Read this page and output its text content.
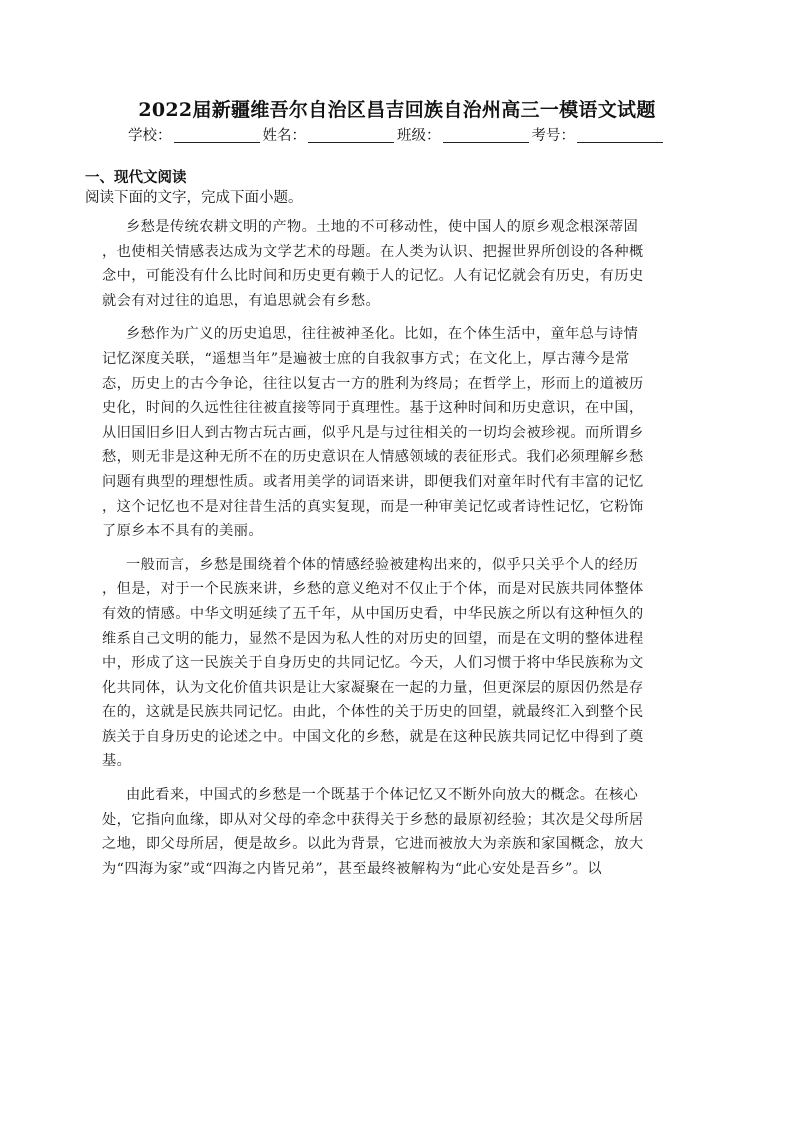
2022届新疆维吾尔自治区昌吉回族自治州高三一模语文试题
学校：	姓名：	班级：	考号：
一、现代文阅读
阅读下面的文字，完成下面小题。
乡愁是传统农耕文明的产物。土地的不可移动性，使中国人的原乡观念根深蒂固
，也使相关情感表达成为文学艺术的母题。在人类为认识、把握世界所创设的各种概
念中，可能没有什么比时间和历史更有赖于人的记忆。人有记忆就会有历史，有历史
就会有对过往的追思，有追思就会有乡愁。
乡愁作为广义的历史追思，往往被神圣化。比如，在个体生活中，童年总与诗情
记忆深度关联，“遥想当年”是遍被士庶的自我叙事方式；在文化上，厚古薄今是常
态，历史上的古今争论，往往以复古一方的胜利为终局；在哲学上，形而上的道被历
史化，时间的久远性往往被直接等同于真理性。基于这种时间和历史意识，在中国，
从旧国旧乡旧人到古物古玩古画，似乎凡是与过往相关的一切均会被珍视。而所谓乡
愁，则无非是这种无所不在的历史意识在人情感领域的表征形式。我们必须理解乡愁
问题有典型的理想性质。或者用美学的词语来讲，即便我们对童年时代有丰富的记忆
，这个记忆也不是对往昔生活的真实复现，而是一种审美记忆或者诗性记忆，它粉饰
了原乡本不具有的美丽。
一般而言，乡愁是围绕着个体的情感经验被建构出来的，似乎只关乎个人的经历
，但是，对于一个民族来讲，乡愁的意义绝对不仅止于个体，而是对民族共同体整体
有效的情感。中华文明延续了五千年，从中国历史看，中华民族之所以有这种恒久的
维系自己文明的能力，显然不是因为私人性的对历史的回望，而是在文明的整体进程
中，形成了这一民族关于自身历史的共同记忆。今天，人们习惯于将中华民族称为文
化共同体，认为文化价值共识是让大家凝聚在一起的力量，但更深层的原因仍然是存
在的，这就是民族共同记忆。由此，个体性的关于历史的回望，就最终汇入到整个民
族关于自身历史的论述之中。中国文化的乡愁，就是在这种民族共同记忆中得到了奠
基。
由此看来，中国式的乡愁是一个既基于个体记忆又不断外向放大的概念。在核心
处，它指向血缘，即从对父母的牵念中获得关于乡愁的最原初经验；其次是父母所居
之地，即父母所居，便是故乡。以此为背景，它进而被放大为亲族和家国概念，放大
为“四海为家”或“四海之内皆兄弟”，甚至最终被解构为“此心安处是吾乡”。以
